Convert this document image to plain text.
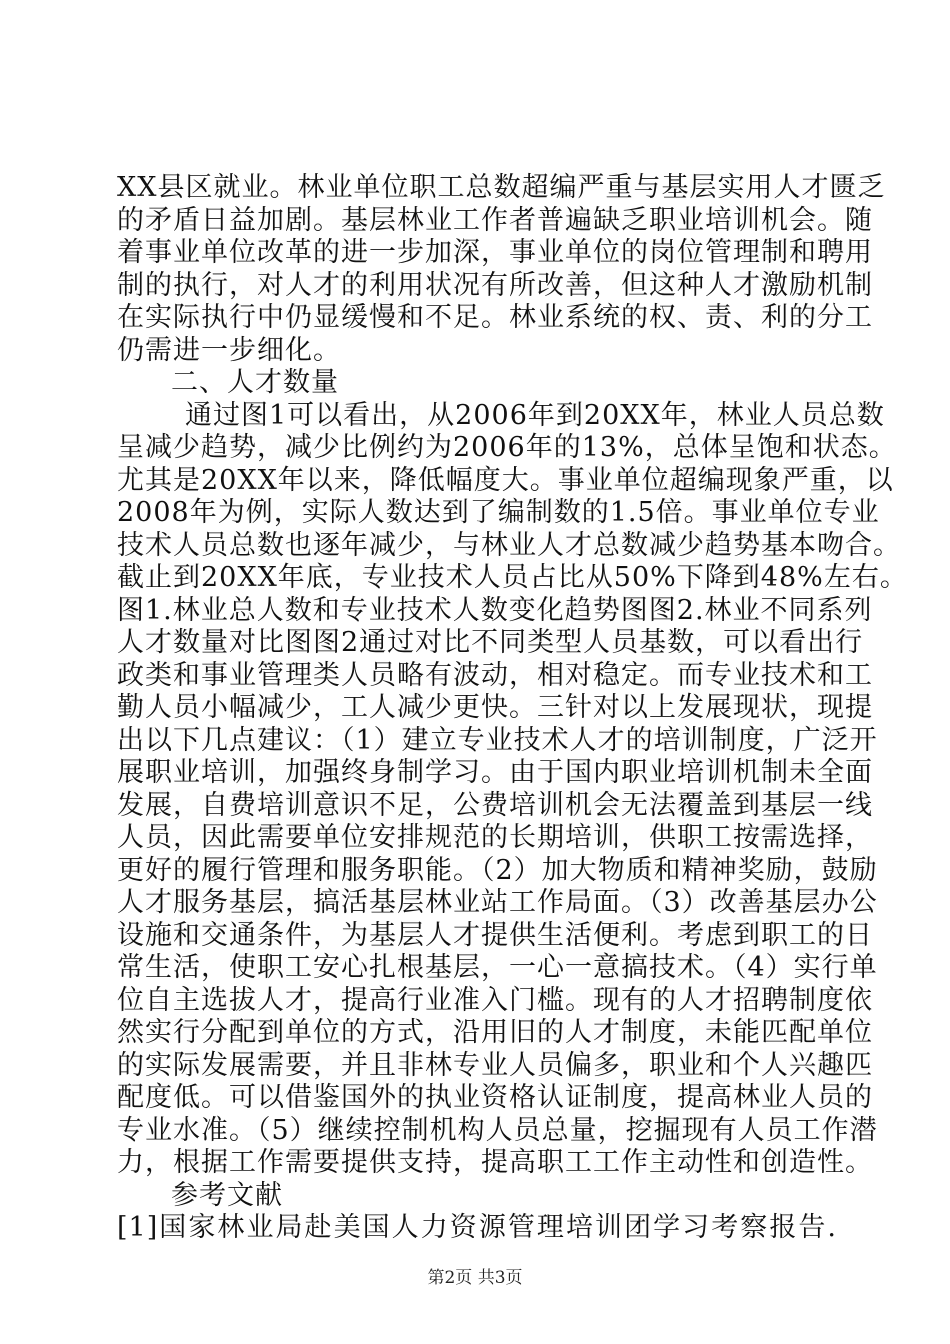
XX县区就业。林业单位职工总数超编严重与基层实用人才匮乏
的矛盾日益加剧。基层林业工作者普遍缺乏职业培训机会。随
着事业单位改革的进一步加深，事业单位的岗位管理制和聘用
制的执行，对人才的利用状况有所改善，但这种人才激励机制
在实际执行中仍显缓慢和不足。林业系统的权、责、利的分工
仍需进一步细化。
二、人才数量
通过图1可以看出，从2006年到20XX年，林业人员总数
呈减少趋势，减少比例约为2006年的13%，总体呈饱和状态。
尤其是20XX年以来，降低幅度大。事业单位超编现象严重，以
2008年为例，实际人数达到了编制数的1.5倍。事业单位专业
技术人员总数也逐年减少，与林业人才总数减少趋势基本吻合。
截止到20XX年底，专业技术人员占比从50%下降到48%左右。
图1.林业总人数和专业技术人数变化趋势图图2.林业不同系列
人才数量对比图图2通过对比不同类型人员基数，可以看出行
政类和事业管理类人员略有波动，相对稳定。而专业技术和工
勤人员小幅减少，工人减少更快。三针对以上发展现状，现提
出以下几点建议：（1）建立专业技术人才的培训制度，广泛开
展职业培训，加强终身制学习。由于国内职业培训机制未全面
发展，自费培训意识不足，公费培训机会无法覆盖到基层一线
人员，因此需要单位安排规范的长期培训，供职工按需选择，
更好的履行管理和服务职能。（2）加大物质和精神奖励，鼓励
人才服务基层，搞活基层林业站工作局面。（3）改善基层办公
设施和交通条件，为基层人才提供生活便利。考虑到职工的日
常生活，使职工安心扎根基层，一心一意搞技术。（4）实行单
位自主选拔人才，提高行业准入门槛。现有的人才招聘制度依
然实行分配到单位的方式，沿用旧的人才制度，未能匹配单位
的实际发展需要，并且非林专业人员偏多，职业和个人兴趣匹
配度低。可以借鉴国外的执业资格认证制度，提高林业人员的
专业水准。（5）继续控制机构人员总量，挖掘现有人员工作潜
力，根据工作需要提供支持，提高职工工作主动性和创造性。
参考文献
[1]国家林业局赴美国人力资源管理培训团学习考察报告.
第2页 共3页
